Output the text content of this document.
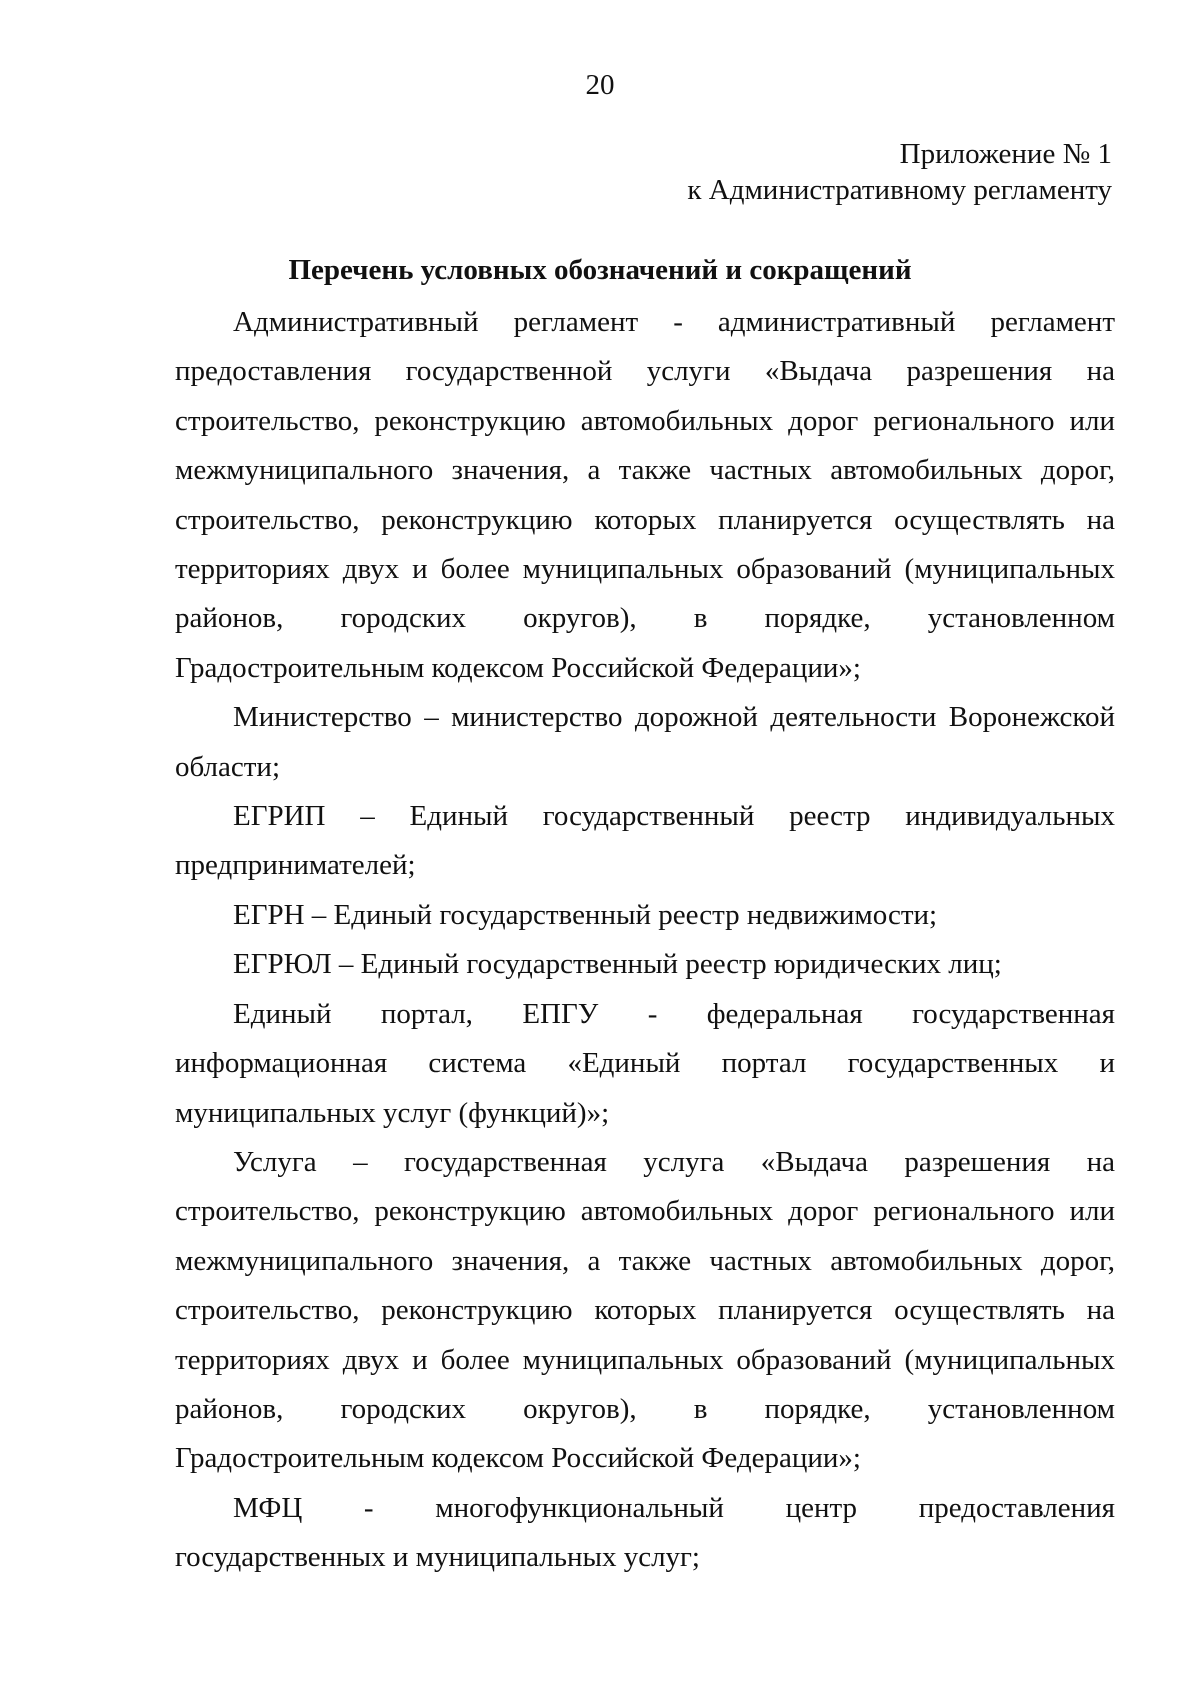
20
Приложение № 1
к Административному регламенту
Перечень условных обозначений и сокращений

Административный регламент - административный регламент предоставления государственной услуги «Выдача разрешения на строительство, реконструкцию автомобильных дорог регионального или межмуниципального значения, а также частных автомобильных дорог, строительство, реконструкцию которых планируется осуществлять на территориях двух и более муниципальных образований (муниципальных районов, городских округов), в порядке, установленном Градостроительным кодексом Российской Федерации»;

Министерство – министерство дорожной деятельности Воронежской области;

ЕГРИП – Единый государственный реестр индивидуальных предпринимателей;

ЕГРН – Единый государственный реестр недвижимости;

ЕГРЮЛ – Единый государственный реестр юридических лиц;

Единый портал, ЕПГУ - федеральная государственная информационная система «Единый портал государственных и муниципальных услуг (функций)»;

Услуга – государственная услуга «Выдача разрешения на строительство, реконструкцию автомобильных дорог регионального или межмуниципального значения, а также частных автомобильных дорог, строительство, реконструкцию которых планируется осуществлять на территориях двух и более муниципальных образований (муниципальных районов, городских округов), в порядке, установленном Градостроительным кодексом Российской Федерации»;

МФЦ - многофункциональный центр предоставления государственных и муниципальных услуг;
